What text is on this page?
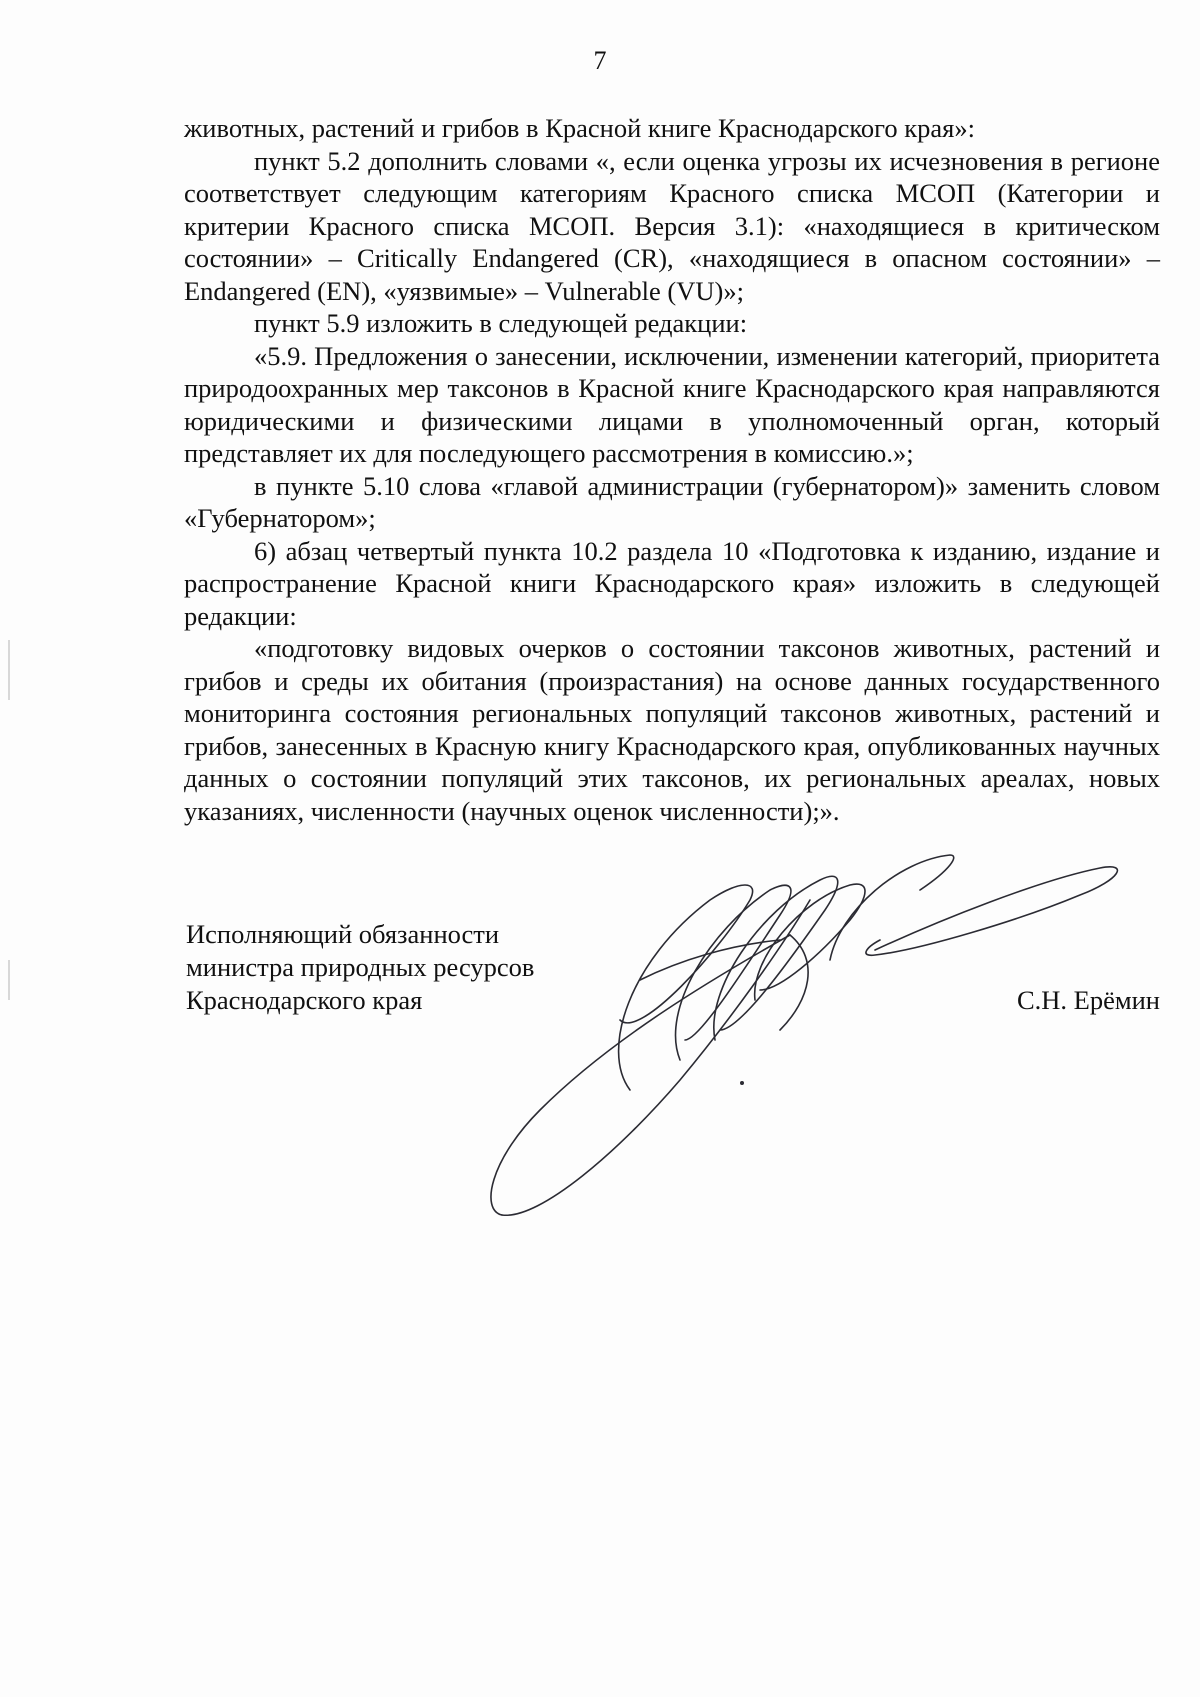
7

животных, растений и грибов в Красной книге Краснодарского края»:

пункт 5.2 дополнить словами «, если оценка угрозы их исчезновения в регионе соответствует следующим категориям Красного списка МСОП (Категории и критерии Красного списка МСОП. Версия 3.1): «находящиеся в критическом состоянии» – Critically Endangered (CR), «находящиеся в опасном состоянии» – Endangered (EN), «уязвимые» – Vulnerable (VU)»;

пункт 5.9 изложить в следующей редакции:

«5.9. Предложения о занесении, исключении, изменении категорий, приоритета природоохранных мер таксонов в Красной книге Краснодарского края направляются юридическими и физическими лицами в уполномоченный орган, который представляет их для последующего рассмотрения в комиссию.»;

в пункте 5.10 слова «главой администрации (губернатором)» заменить словом «Губернатором»;

6) абзац четвертый пункта 10.2 раздела 10 «Подготовка к изданию, издание и распространение Красной книги Краснодарского края» изложить в следующей редакции:

«подготовку видовых очерков о состоянии таксонов животных, растений и грибов и среды их обитания (произрастания) на основе данных государственного мониторинга состояния региональных популяций таксонов животных, растений и грибов, занесенных в Красную книгу Краснодарского края, опубликованных научных данных о состоянии популяций этих таксонов, их региональных ареалах, новых указаниях, численности (научных оценок численности);».

Исполняющий обязанности
министра природных ресурсов
Краснодарского края	С.Н. Ерёмин
